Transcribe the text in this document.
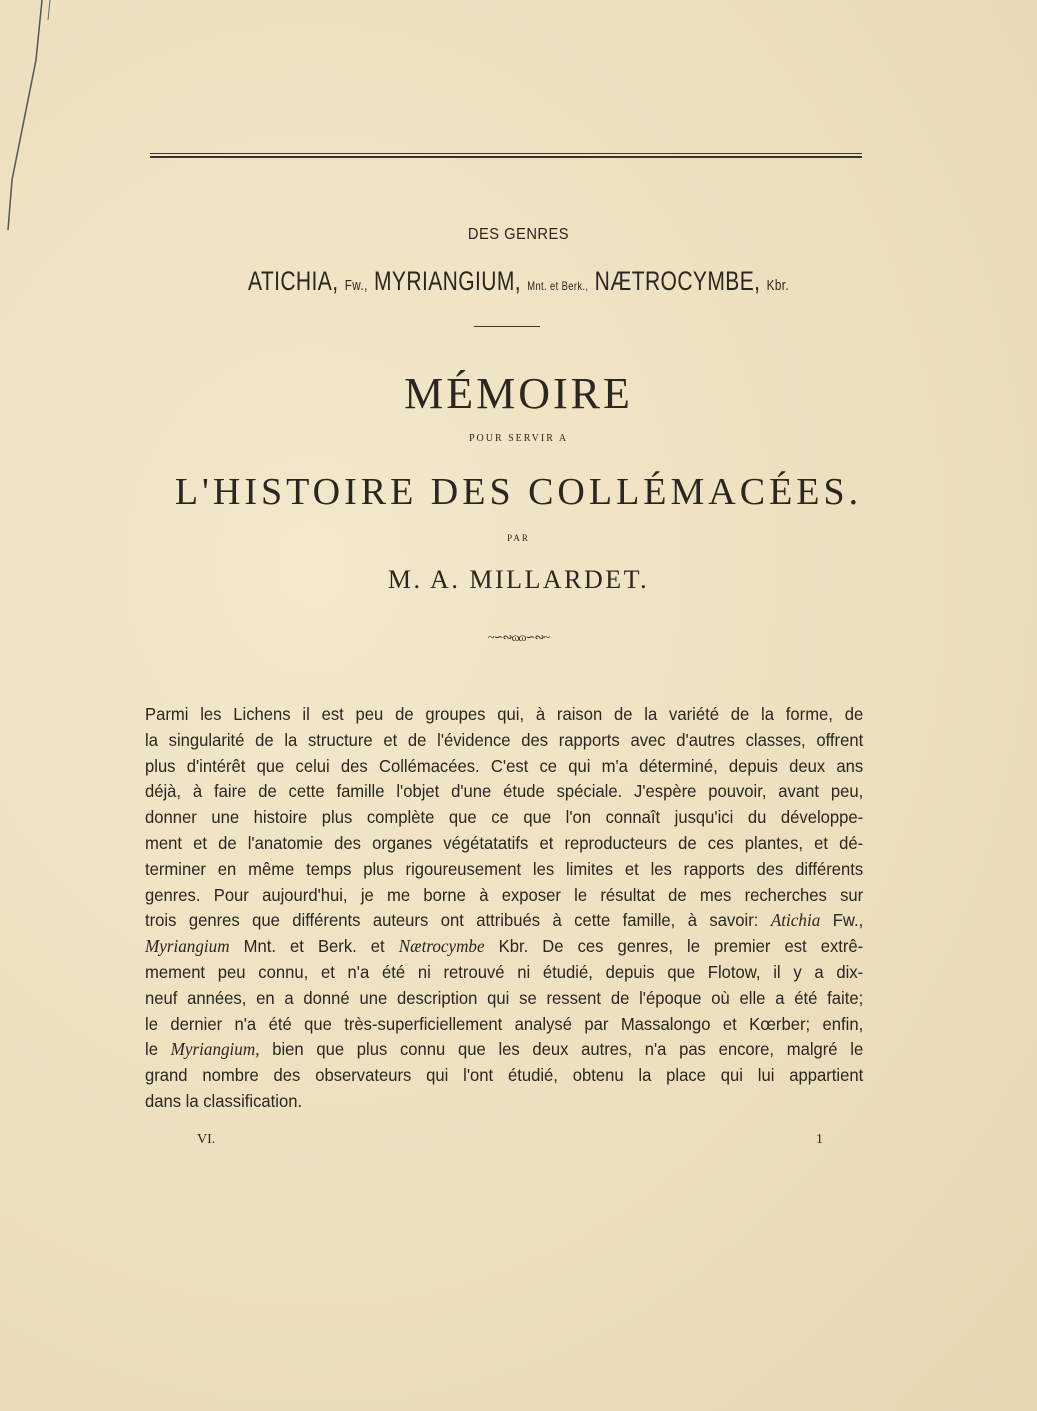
DES GENRES
ATICHIA, Fw., MYRIANGIUM, Mnt. et Berk., NÆTROCYMBE, Kbr.
MÉMOIRE
POUR SERVIR A
L'HISTOIRE DES COLLÉMACÉES.
PAR
M. A. MILLARDET.
~∽∾ɷɷ∽∾~
Parmi les Lichens il est peu de groupes qui, à raison de la variété de la forme, de
la singularité de la structure et de l'évidence des rapports avec d'autres classes, offrent
plus d'intérêt que celui des Collémacées. C'est ce qui m'a déterminé, depuis deux ans
déjà, à faire de cette famille l'objet d'une étude spéciale. J'espère pouvoir, avant peu,
donner une histoire plus complète que ce que l'on connaît jusqu'ici du développe-
ment et de l'anatomie des organes végétatatifs et reproducteurs de ces plantes, et dé-
terminer en même temps plus rigoureusement les limites et les rapports des différents
genres. Pour aujourd'hui, je me borne à exposer le résultat de mes recherches sur
trois genres que différents auteurs ont attribués à cette famille, à savoir: Atichia Fw.,
Myriangium Mnt. et Berk. et Nætrocymbe Kbr. De ces genres, le premier est extrê-
mement peu connu, et n'a été ni retrouvé ni étudié, depuis que Flotow, il y a dix-
neuf années, en a donné une description qui se ressent de l'époque où elle a été faite;
le dernier n'a été que très-superficiellement analysé par Massalongo et Kœrber; enfin,
le Myriangium, bien que plus connu que les deux autres, n'a pas encore, malgré le
grand nombre des observateurs qui l'ont étudié, obtenu la place qui lui appartient
dans la classification.
VI.	1
